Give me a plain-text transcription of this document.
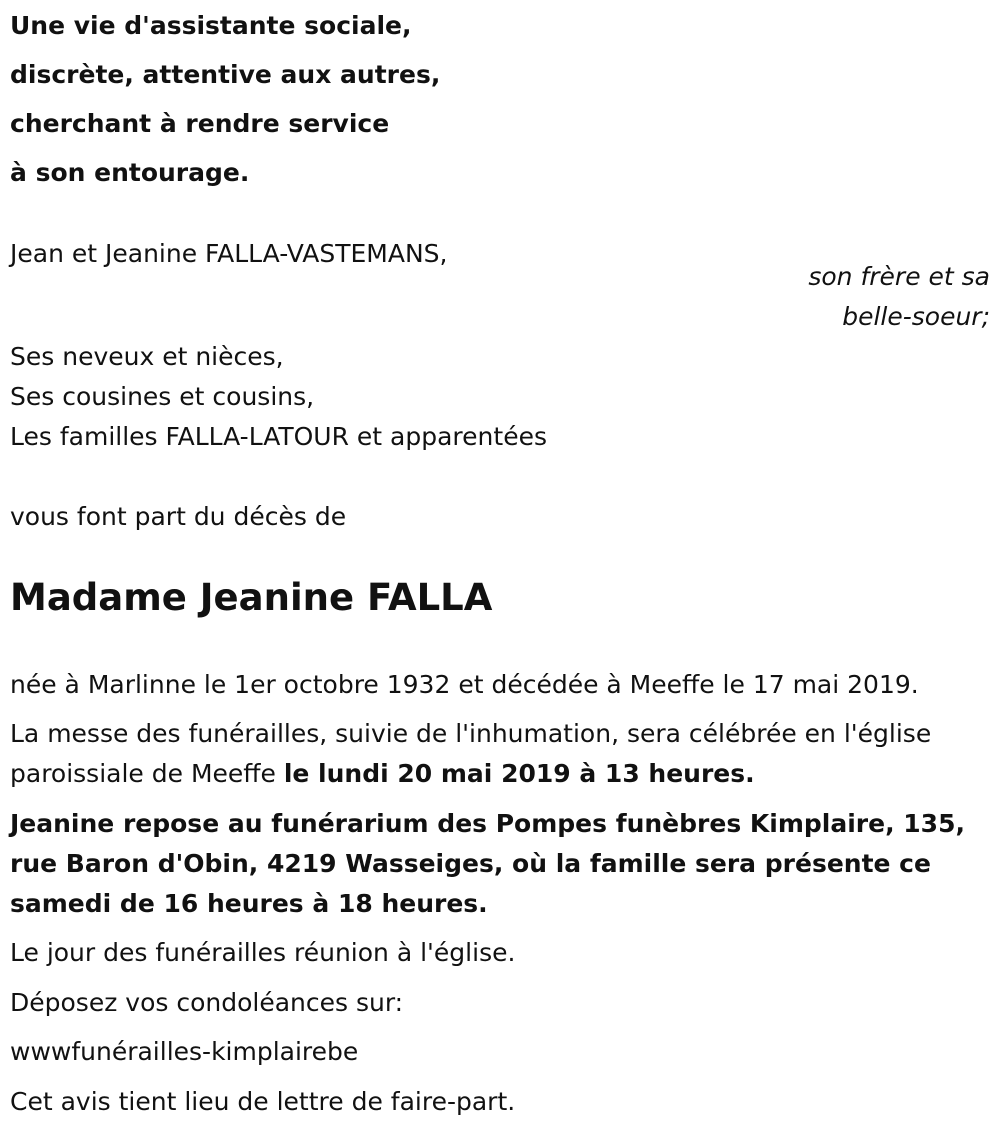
Une vie d'assistante sociale,
discrète, attentive aux autres,
cherchant à rendre service
à son entourage.
Jean et Jeanine FALLA-VASTEMANS,
son frère et sa
belle-soeur;
Ses neveux et nièces,
Ses cousines et cousins,
Les familles FALLA-LATOUR et apparentées
vous font part du décès de
Madame Jeanine FALLA
née à Marlinne le 1er octobre 1932 et décédée à Meeffe le 17 mai 2019.
La messe des funérailles, suivie de l'inhumation, sera célébrée en l'église
paroissiale de Meeffe le lundi 20 mai 2019 à 13 heures.
Jeanine repose au funérarium des Pompes funèbres Kimplaire, 135,
rue Baron d'Obin, 4219 Wasseiges, où la famille sera présente ce
samedi de 16 heures à 18 heures.
Le jour des funérailles réunion à l'église.
Déposez vos condoléances sur:
wwwfunérailles-kimplairebe
Cet avis tient lieu de lettre de faire-part.
